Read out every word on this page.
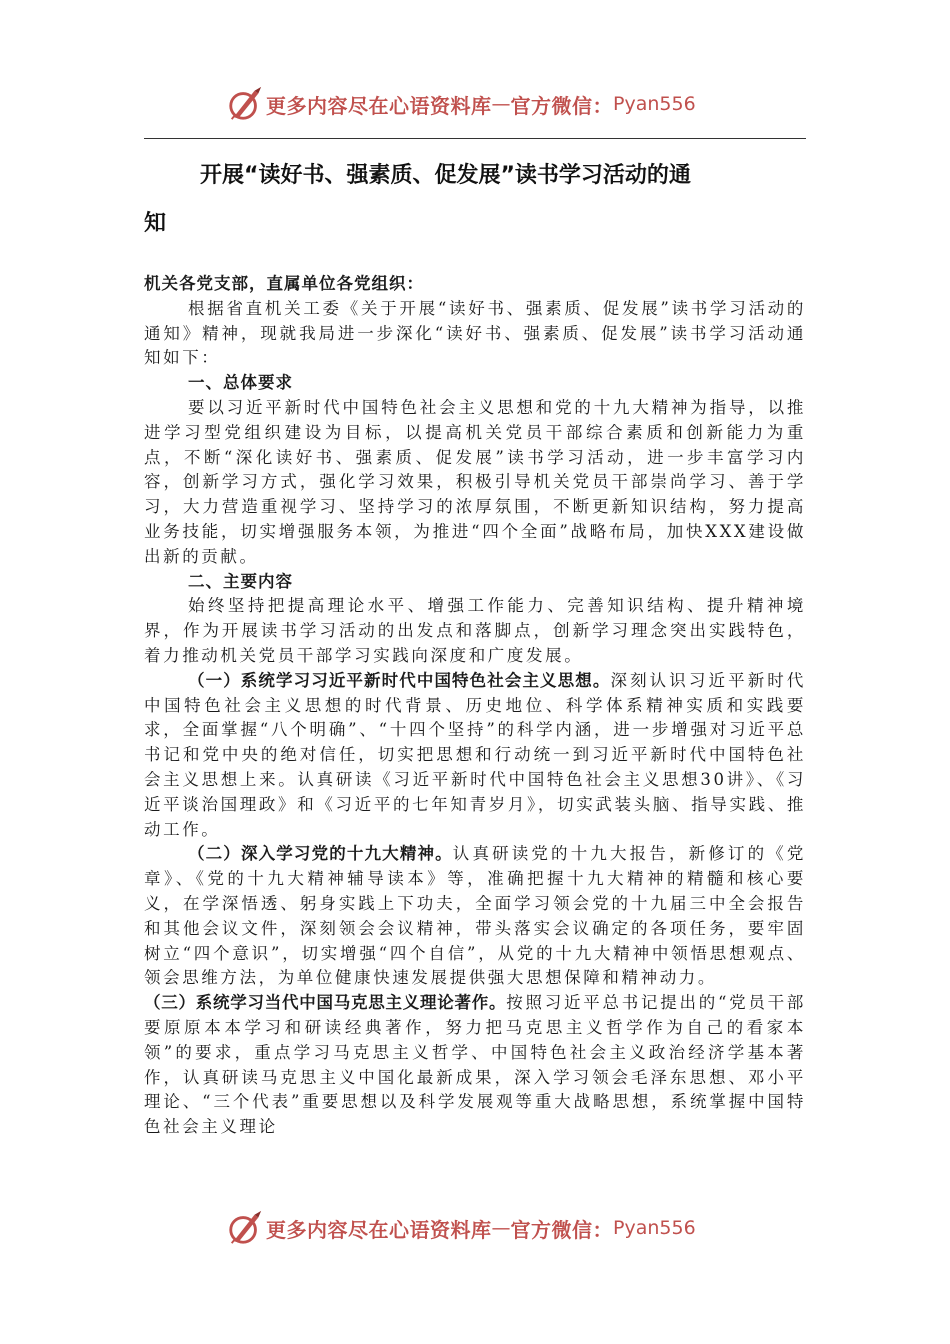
更多内容尽在心语资料库 — 官方微信： Pyan556
开展“读好书、强素质、促发展”读书学习活动的通
知

机关各党支部，直属单位各党组织：

根据省直机关工委《关于开展“读好书、强素质、促发展”读书学习活动的通知》精神，现就我局进一步深化“读好书、强素质、促发展”读书学习活动通知如下：

一、总体要求

要以习近平新时代中国特色社会主义思想和党的十九大精神为指导，以推进学习型党组织建设为目标，以提高机关党员干部综合素质和创新能力为重点，不断“深化读好书、强素质、促发展”读书学习活动，进一步丰富学习内容，创新学习方式，强化学习效果，积极引导机关党员干部崇尚学习、善于学习，大力营造重视学习、坚持学习的浓厚氛围，不断更新知识结构，努力提高业务技能，切实增强服务本领，为推进“四个全面”战略布局，加快XXX建设做出新的贡献。

二、主要内容

始终坚持把提高理论水平、增强工作能力、完善知识结构、提升精神境界，作为开展读书学习活动的出发点和落脚点，创新学习理念突出实践特色，着力推动机关党员干部学习实践向深度和广度发展。

（一）系统学习习近平新时代中国特色社会主义思想。深刻认识习近平新时代中国特色社会主义思想的时代背景、历史地位、科学体系精神实质和实践要求，全面掌握“八个明确”、“十四个坚持”的科学内涵，进一步增强对习近平总书记和党中央的绝对信任，切实把思想和行动统一到习近平新时代中国特色社会主义思想上来。认真研读《习近平新时代中国特色社会主义思想30讲》、《习近平谈治国理政》和《习近平的七年知青岁月》，切实武装头脑、指导实践、推动工作。

（二）深入学习党的十九大精神。认真研读党的十九大报告，新修订的《党章》、《党的十九大精神辅导读本》等，准确把握十九大精神的精髓和核心要义，在学深悟透、躬身实践上下功夫，全面学习领会党的十九届三中全会报告和其他会议文件，深刻领会会议精神，带头落实会议确定的各项任务，要牢固树立“四个意识”，切实增强“四个自信”，从党的十九大精神中领悟思想观点、领会思维方法，为单位健康快速发展提供强大思想保障和精神动力。

（三）系统学习当代中国马克思主义理论著作。按照习近平总书记提出的“党员干部要原原本本学习和研读经典著作，努力把马克思主义哲学作为自己的看家本领”的要求，重点学习马克思主义哲学、中国特色社会主义政治经济学基本著作，认真研读马克思主义中国化最新成果，深入学习领会毛泽东思想、邓小平理论、“三个代表”重要思想以及科学发展观等重大战略思想，系统掌握中国特色社会主义理论

更多内容尽在心语资料库 — 官方微信： Pyan556
